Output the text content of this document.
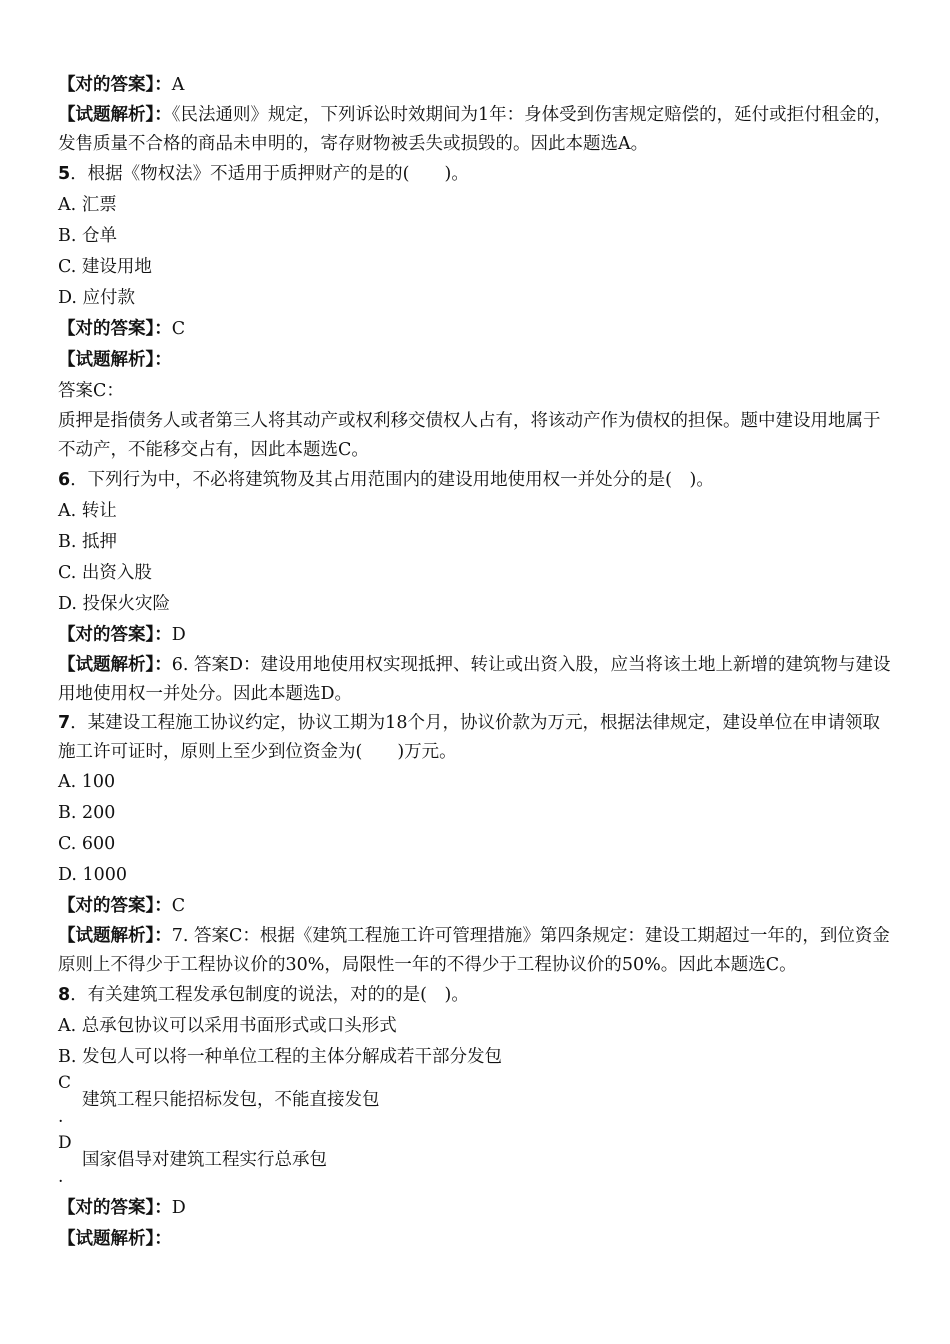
【对的答案】：A
【试题解析】：《民法通则》规定，下列诉讼时效期间为1年：身体受到伤害规定赔偿的，延付或拒付租金的，发售质量不合格的商品未申明的，寄存财物被丢失或损毁的。因此本题选A。
5．根据《物权法》不适用于质押财产的是的(　　)。
A. 汇票
B. 仓单
C. 建设用地
D. 应付款
【对的答案】：C
【试题解析】：
答案C：
质押是指债务人或者第三人将其动产或权利移交债权人占有，将该动产作为债权的担保。题中建设用地属于不动产，不能移交占有，因此本题选C。
6．下列行为中，不必将建筑物及其占用范围内的建设用地使用权一并处分的是(　)。
A. 转让
B. 抵押
C. 出资入股
D. 投保火灾险
【对的答案】：D
【试题解析】：6. 答案D：建设用地使用权实现抵押、转让或出资入股，应当将该土地上新增的建筑物与建设用地使用权一并处分。因此本题选D。
7．某建设工程施工协议约定，协议工期为18个月，协议价款为万元，根据法律规定，建设单位在申请领取施工许可证时，原则上至少到位资金为(　　)万元。
A. 100
B. 200
C. 600
D. 1000
【对的答案】：C
【试题解析】：7. 答案C：根据《建筑工程施工许可管理措施》第四条规定：建设工期超过一年的，到位资金原则上不得少于工程协议价的30%，局限性一年的不得少于工程协议价的50%。因此本题选C。
8．有关建筑工程发承包制度的说法，对的的是(　)。
A. 总承包协议可以采用书面形式或口头形式
B. 发包人可以将一种单位工程的主体分解成若干部分发包
C
建筑工程只能招标发包，不能直接发包
.
D
国家倡导对建筑工程实行总承包
.
【对的答案】：D
【试题解析】：
